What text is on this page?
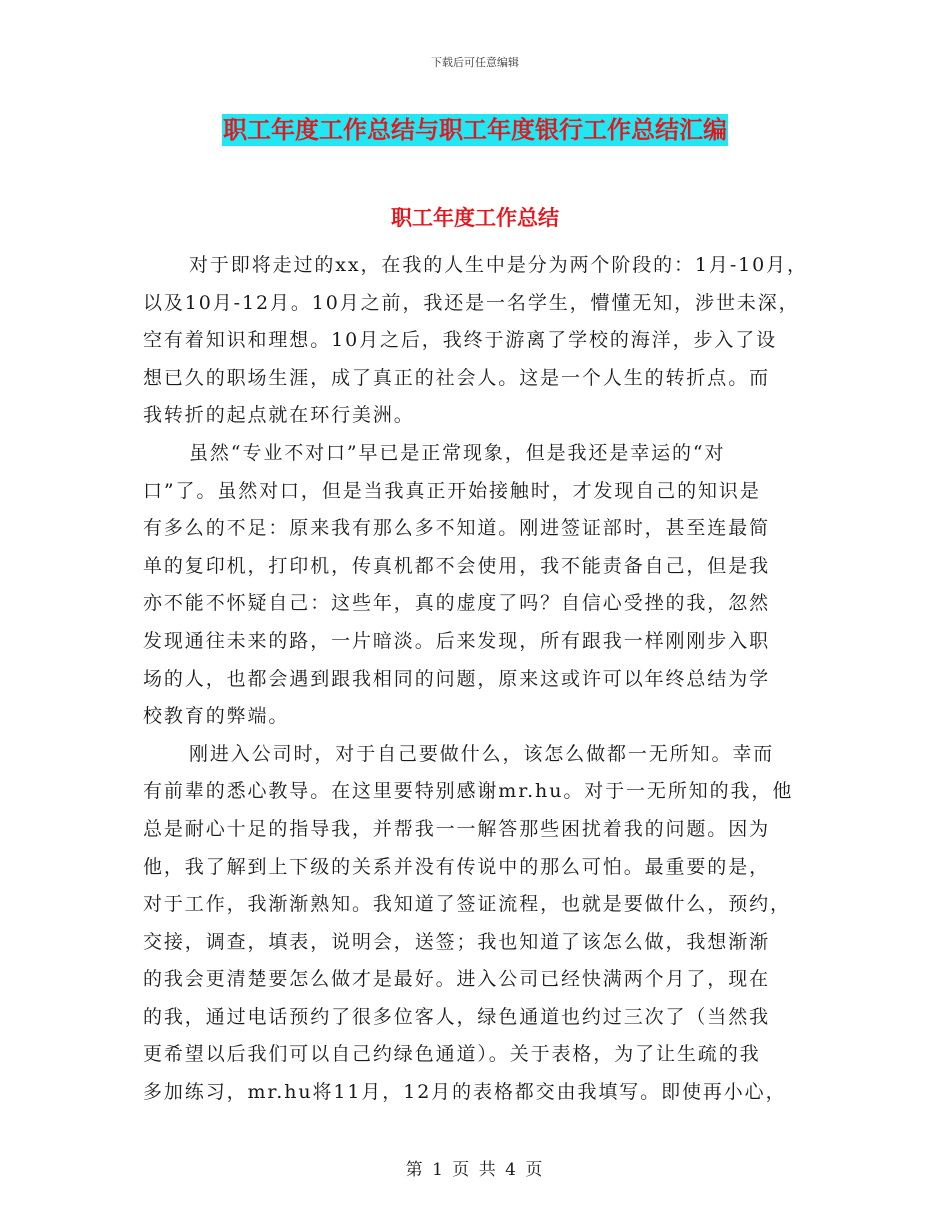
下载后可任意编辑
职工年度工作总结与职工年度银行工作总结汇编
职工年度工作总结
对于即将走过的xx，在我的人生中是分为两个阶段的：1月-10月，
以及10月-12月。10月之前，我还是一名学生，懵懂无知，涉世未深，
空有着知识和理想。10月之后，我终于游离了学校的海洋，步入了设
想已久的职场生涯，成了真正的社会人。这是一个人生的转折点。而
我转折的起点就在环行美洲。
虽然“专业不对口”早已是正常现象，但是我还是幸运的“对
口”了。虽然对口，但是当我真正开始接触时，才发现自己的知识是
有多么的不足：原来我有那么多不知道。刚进签证部时，甚至连最简
单的复印机，打印机，传真机都不会使用，我不能责备自己，但是我
亦不能不怀疑自己：这些年，真的虚度了吗？自信心受挫的我，忽然
发现通往未来的路，一片暗淡。后来发现，所有跟我一样刚刚步入职
场的人，也都会遇到跟我相同的问题，原来这或许可以年终总结为学
校教育的弊端。
刚进入公司时，对于自己要做什么，该怎么做都一无所知。幸而
有前辈的悉心教导。在这里要特别感谢mr.hu。对于一无所知的我，他
总是耐心十足的指导我，并帮我一一解答那些困扰着我的问题。因为
他，我了解到上下级的关系并没有传说中的那么可怕。最重要的是，
对于工作，我渐渐熟知。我知道了签证流程，也就是要做什么，预约，
交接，调查，填表，说明会，送签；我也知道了该怎么做，我想渐渐
的我会更清楚要怎么做才是最好。进入公司已经快满两个月了，现在
的我，通过电话预约了很多位客人，绿色通道也约过三次了（当然我
更希望以后我们可以自己约绿色通道）。关于表格，为了让生疏的我
多加练习，mr.hu将11月，12月的表格都交由我填写。即使再小心，
第 1 页 共 4 页
